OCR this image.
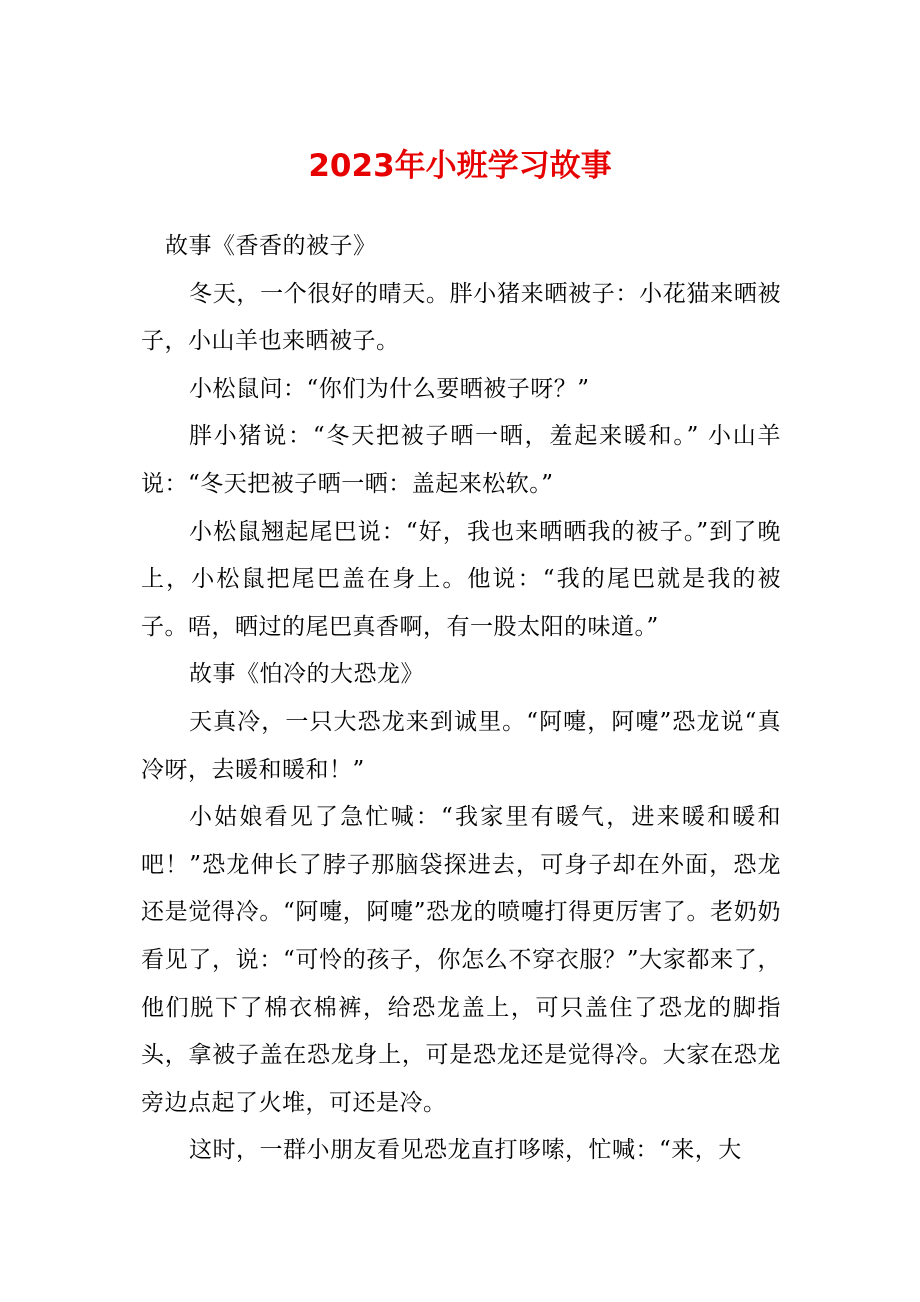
2023年小班学习故事

故事《香香的被子》

冬天，一个很好的晴天。胖小猪来晒被子：小花猫来晒被子，小山羊也来晒被子。

小松鼠问：“你们为什么要晒被子呀？”

胖小猪说：“冬天把被子晒一晒，羞起来暖和。” 小山羊说：“冬天把被子晒一晒：盖起来松软。”

小松鼠翘起尾巴说：“好，我也来晒晒我的被子。”到了晚上，小松鼠把尾巴盖在身上。他说：“我的尾巴就是我的被子。唔，晒过的尾巴真香啊，有一股太阳的味道。”

故事《怕冷的大恐龙》

天真冷，一只大恐龙来到诚里。“阿嚏，阿嚏”恐龙说“真冷呀，去暖和暖和！”

小姑娘看见了急忙喊：“我家里有暖气，进来暖和暖和吧！”恐龙伸长了脖子那脑袋探进去，可身子却在外面，恐龙还是觉得冷。“阿嚏，阿嚏”恐龙的喷嚏打得更厉害了。老奶奶看见了，说：“可怜的孩子，你怎么不穿衣服？”大家都来了，他们脱下了棉衣棉裤，给恐龙盖上，可只盖住了恐龙的脚指头，拿被子盖在恐龙身上，可是恐龙还是觉得冷。大家在恐龙旁边点起了火堆，可还是冷。

这时，一群小朋友看见恐龙直打哆嗦，忙喊：“来，大
